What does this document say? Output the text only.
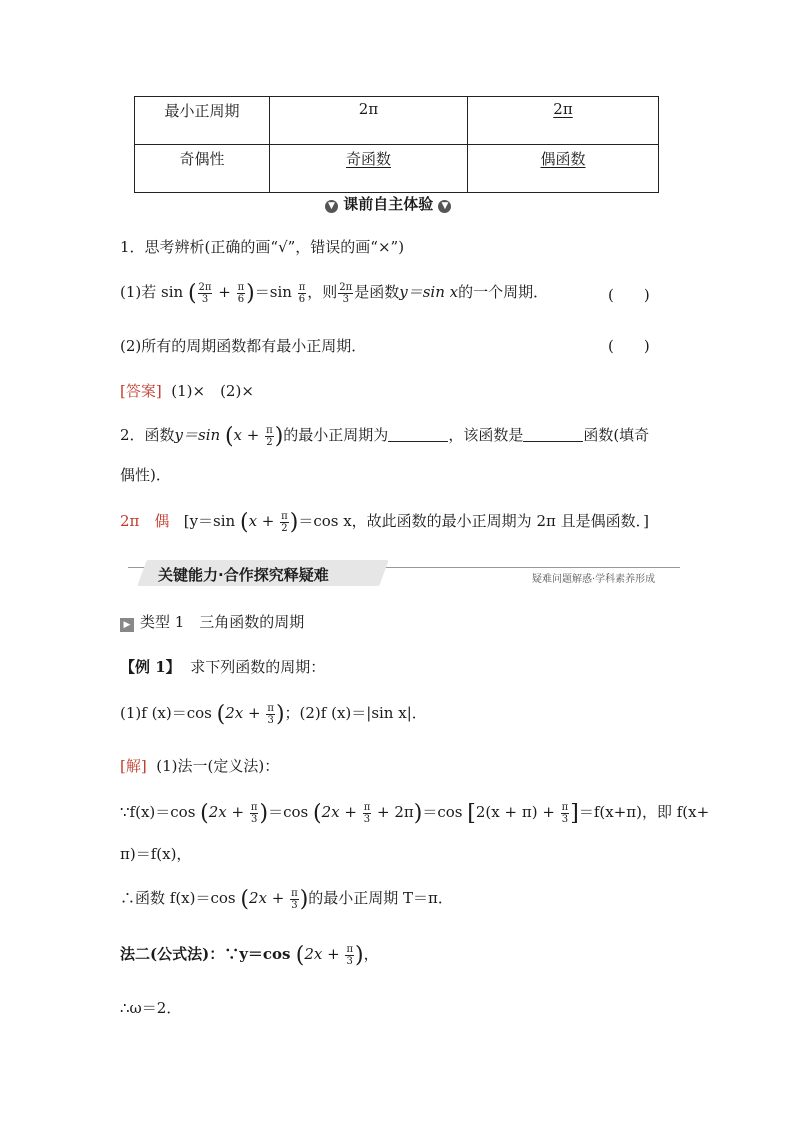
最小正周期	2π	2π
奇偶性	奇函数	偶函数
▼ 课前自主体验 ▼
1．思考辨析(正确的画“√”，错误的画“×”)
(1)若 sin ( $\frac{2\pi}{3} + \frac{\pi}{6} )=\sin \frac{\pi}{6}$ ，则 $\frac{2\pi}{3}$ 是函数y＝sin x的一个周期．	(　　)
(2)所有的周期函数都有最小正周期．	(　　)
[答案] (1)×　(2)×
2．函数y＝sin ($x + \frac{\pi}{2}$ )的最小正周期为	，该函数是	函数(填奇
偶性)．
2π　偶 [y＝sin $(x + \frac{\pi}{2} )=\cos$ x，故此函数的最小正周期为 2π 且是偶函数．]
关键能力·合作探究释疑难	疑难问题解惑·学科素养形成
▶ 类型 1　三角函数的周期
【例 1】 求下列函数的周期：
(1)f (x)＝cos ($2x + \frac{\pi}{3}$ )；(2)f (x)＝|sin x|．
[解] (1)法一(定义法)：
∵f(x)＝cos $(2x + \frac{\pi}{3} )=\cos$ $(2x + \frac{\pi}{3} + 2\pi)=\cos$ $[2(x + \pi) + \frac{\pi}{3} ]=f(x+\pi)$，即 f(x+
π)＝f(x)，
∴函数 f(x)＝cos ($2x + \frac{\pi}{3}$ )的最小正周期 T＝π．
法二(公式法)：∵y＝cos ($2x + \frac{\pi}{3}$ )，
∴ω＝2．
